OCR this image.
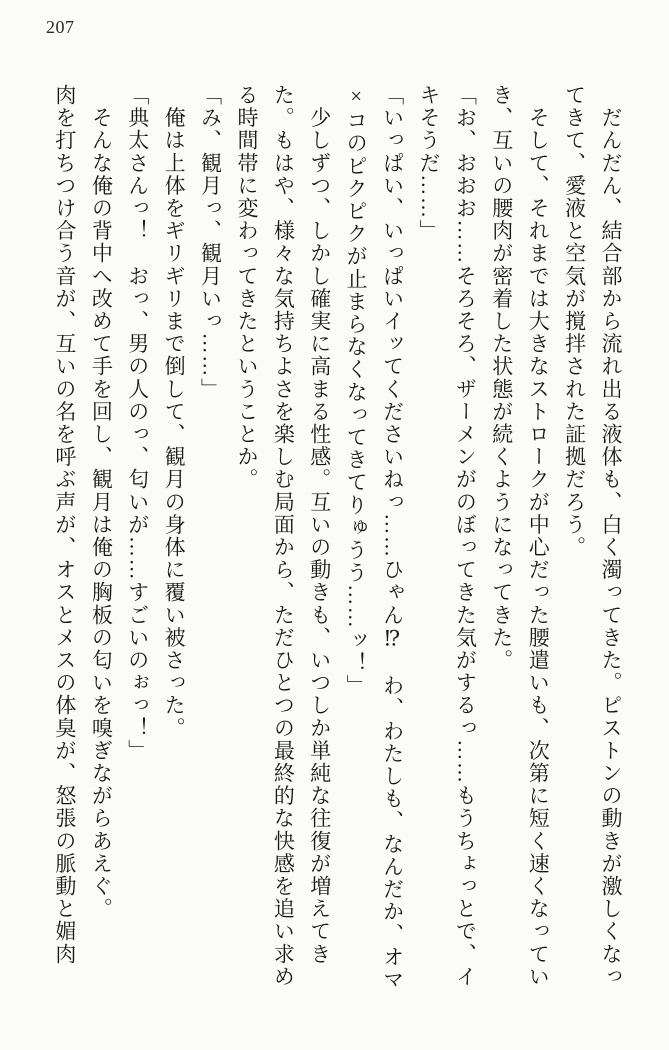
207

　だんだん、結合部から流れ出る液体も、白く濁ってきた。ピストンの動きが激しくなっ

てきて、愛液と空気が撹拌された証拠だろう。

　そして、それまでは大きなストロークが中心だった腰遣いも、次第に短く速くなってい

き、互いの腰肉が密着した状態が続くようになってきた。

「お、おおお……そろそろ、ザーメンがのぼってきた気がするっ……もうちょっとで、イ

キそうだ……」

「いっぱい、いっぱいイッてくださいねっ……ひゃん⁉　わ、わたしも、なんだか、オマ

×コのピクピクが止まらなくなってきてりゅうう……ッ！」

　少しずつ、しかし確実に高まる性感。互いの動きも、いつしか単純な往復が増えてき

た。もはや、様々な気持ちよさを楽しむ局面から、ただひとつの最終的な快感を追い求め

る時間帯に変わってきたということか。

「み、観月っ、観月いっ……」

　俺は上体をギリギリまで倒して、観月の身体に覆い被さった。

「典太さんっ！　おっ、男の人のっ、匂いが……すごいのぉっ！」

　そんな俺の背中へ改めて手を回し、観月は俺の胸板の匂いを嗅ぎながらあえぐ。

肉を打ちつけ合う音が、互いの名を呼ぶ声が、オスとメスの体臭が、怒張の脈動と媚肉
